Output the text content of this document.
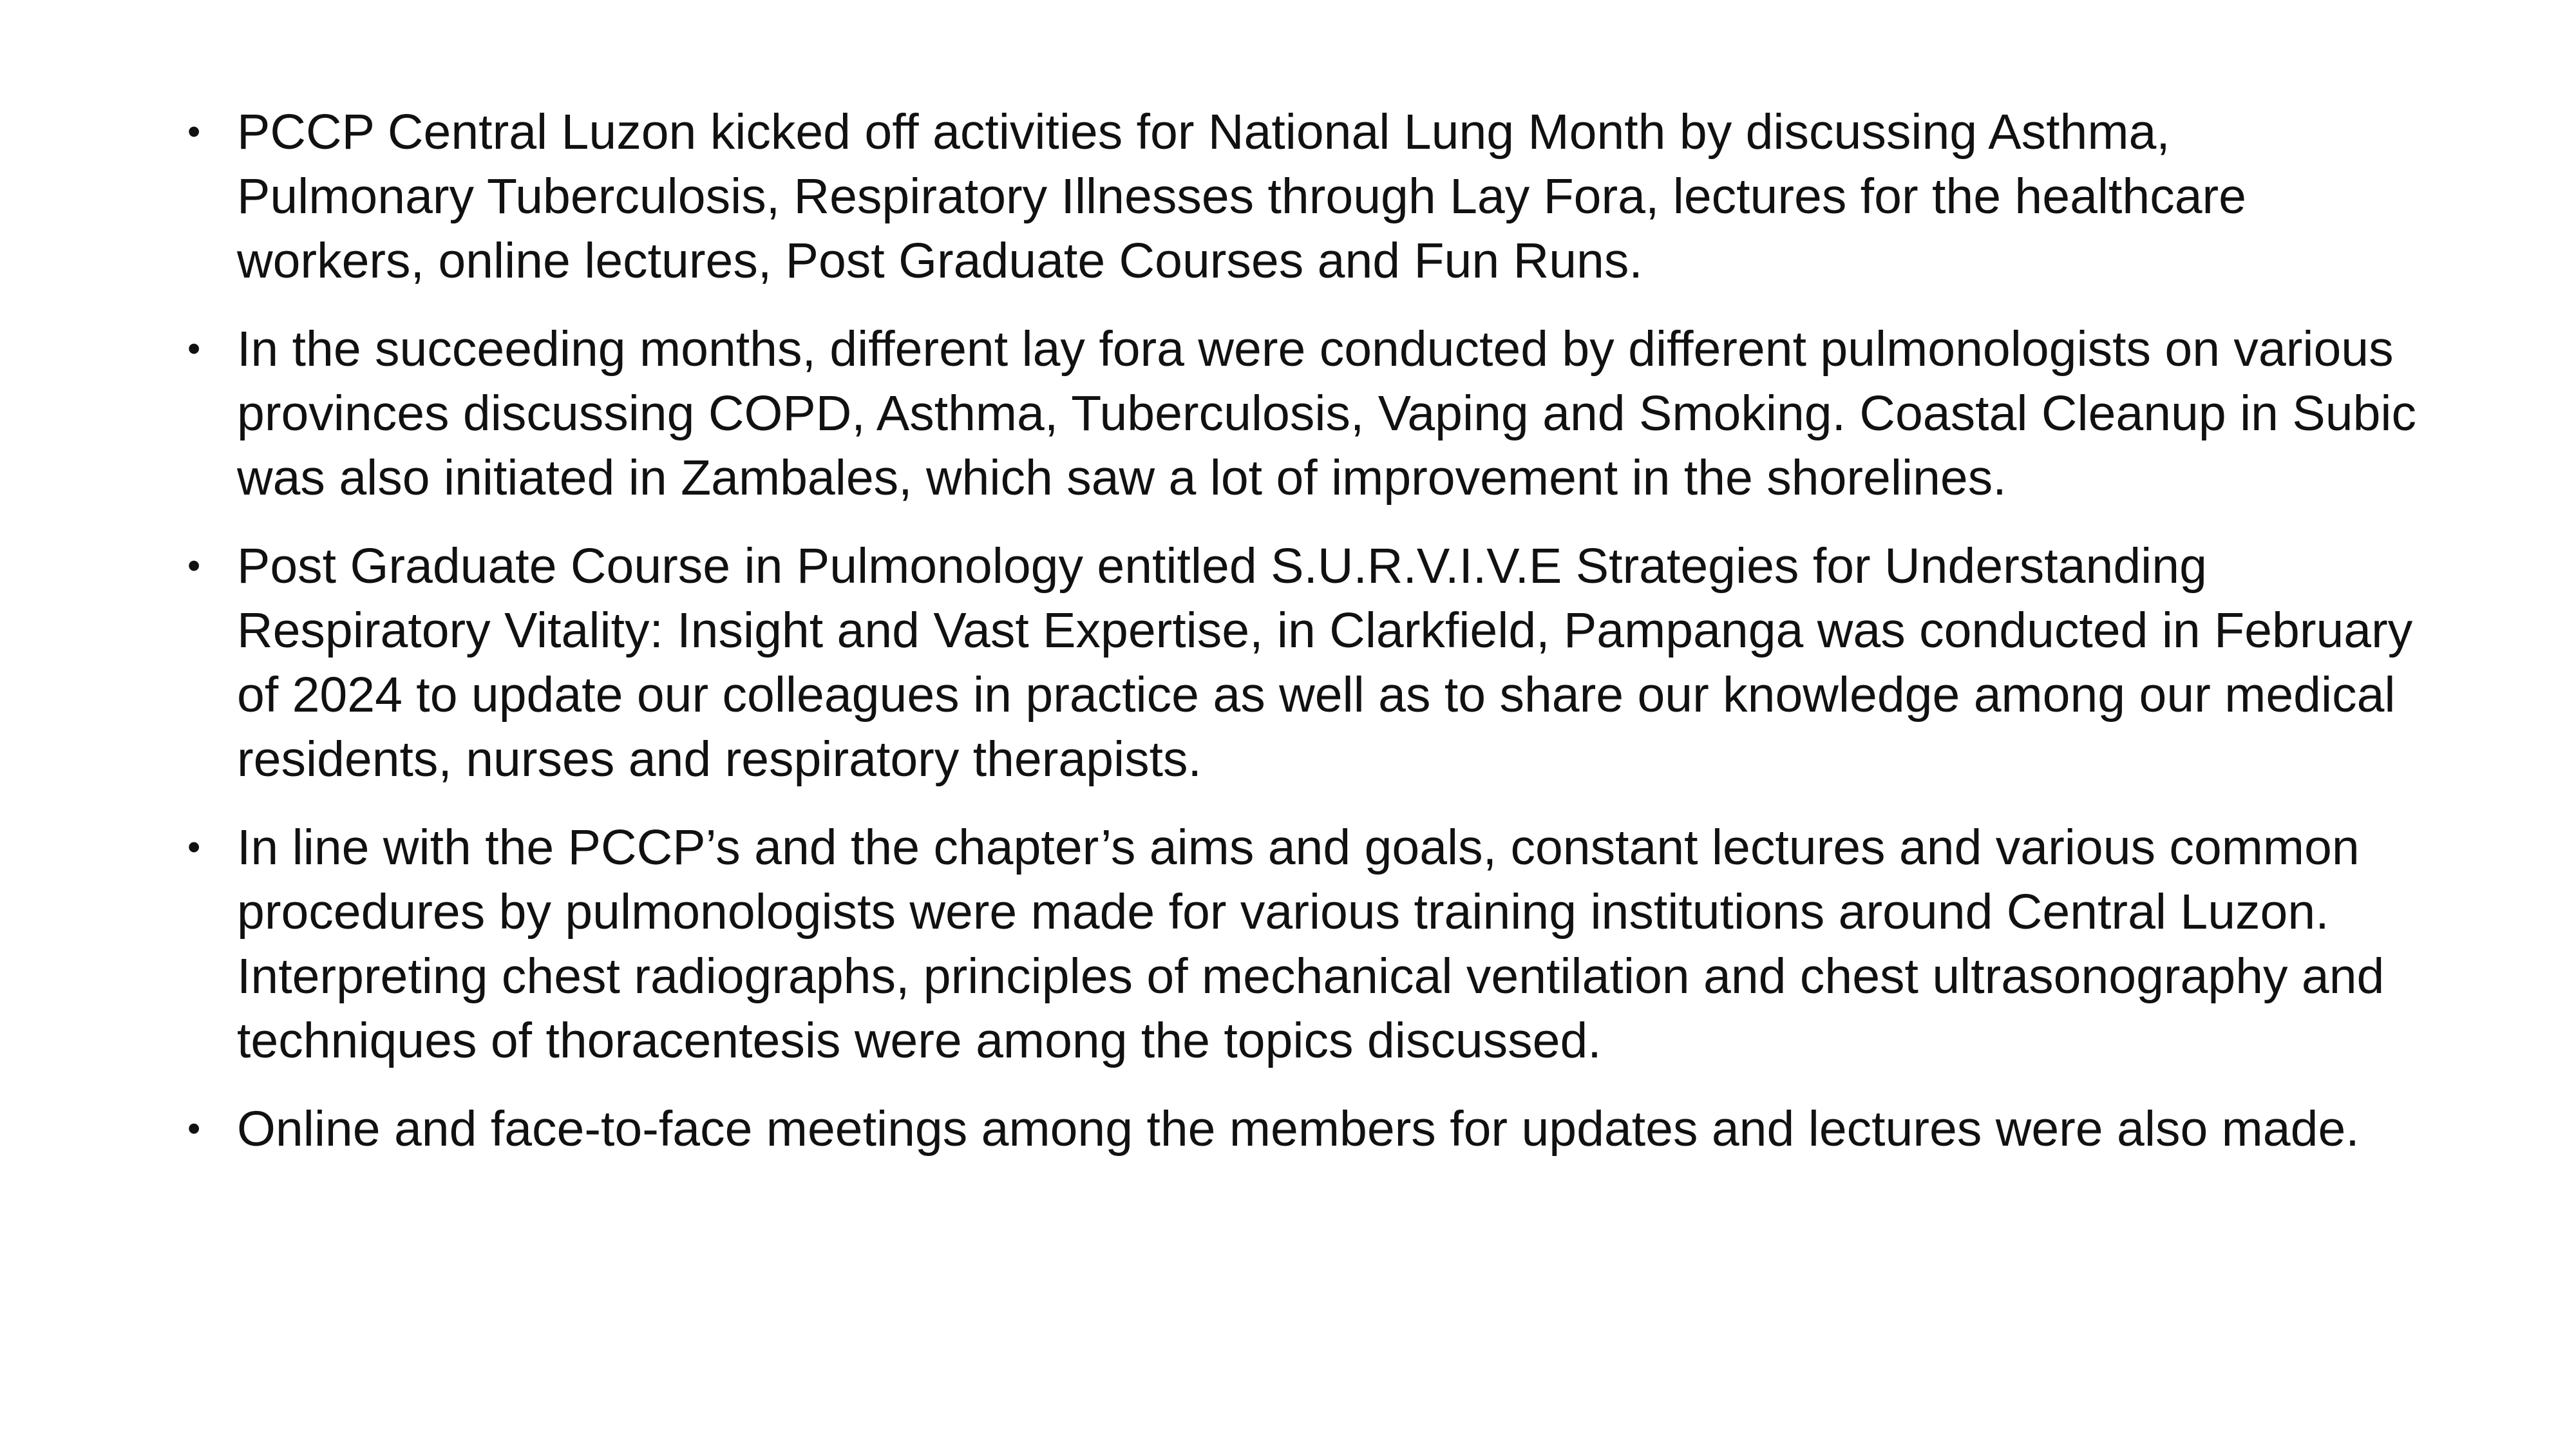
• PCCP Central Luzon kicked off activities for National Lung Month by discussing Asthma, Pulmonary Tuberculosis, Respiratory Illnesses through Lay Fora, lectures for the healthcare workers, online lectures, Post Graduate Courses and Fun Runs.
• In the succeeding months, different lay fora were conducted by different pulmonologists on various provinces discussing COPD, Asthma, Tuberculosis, Vaping and Smoking. Coastal Cleanup in Subic was also initiated in Zambales, which saw a lot of improvement in the shorelines.
• Post Graduate Course in Pulmonology entitled S.U.R.V.I.V.E Strategies for Understanding Respiratory Vitality: Insight and Vast Expertise, in Clarkfield, Pampanga was conducted in February of 2024 to update our colleagues in practice as well as to share our knowledge among our medical residents, nurses and respiratory therapists.
• In line with the PCCP’s and the chapter’s aims and goals, constant lectures and various common procedures by pulmonologists were made for various training institutions around Central Luzon. Interpreting chest radiographs, principles of mechanical ventilation and chest ultrasonography and techniques of thoracentesis were among the topics discussed.
• Online and face-to-face meetings among the members for updates and lectures were also made.
